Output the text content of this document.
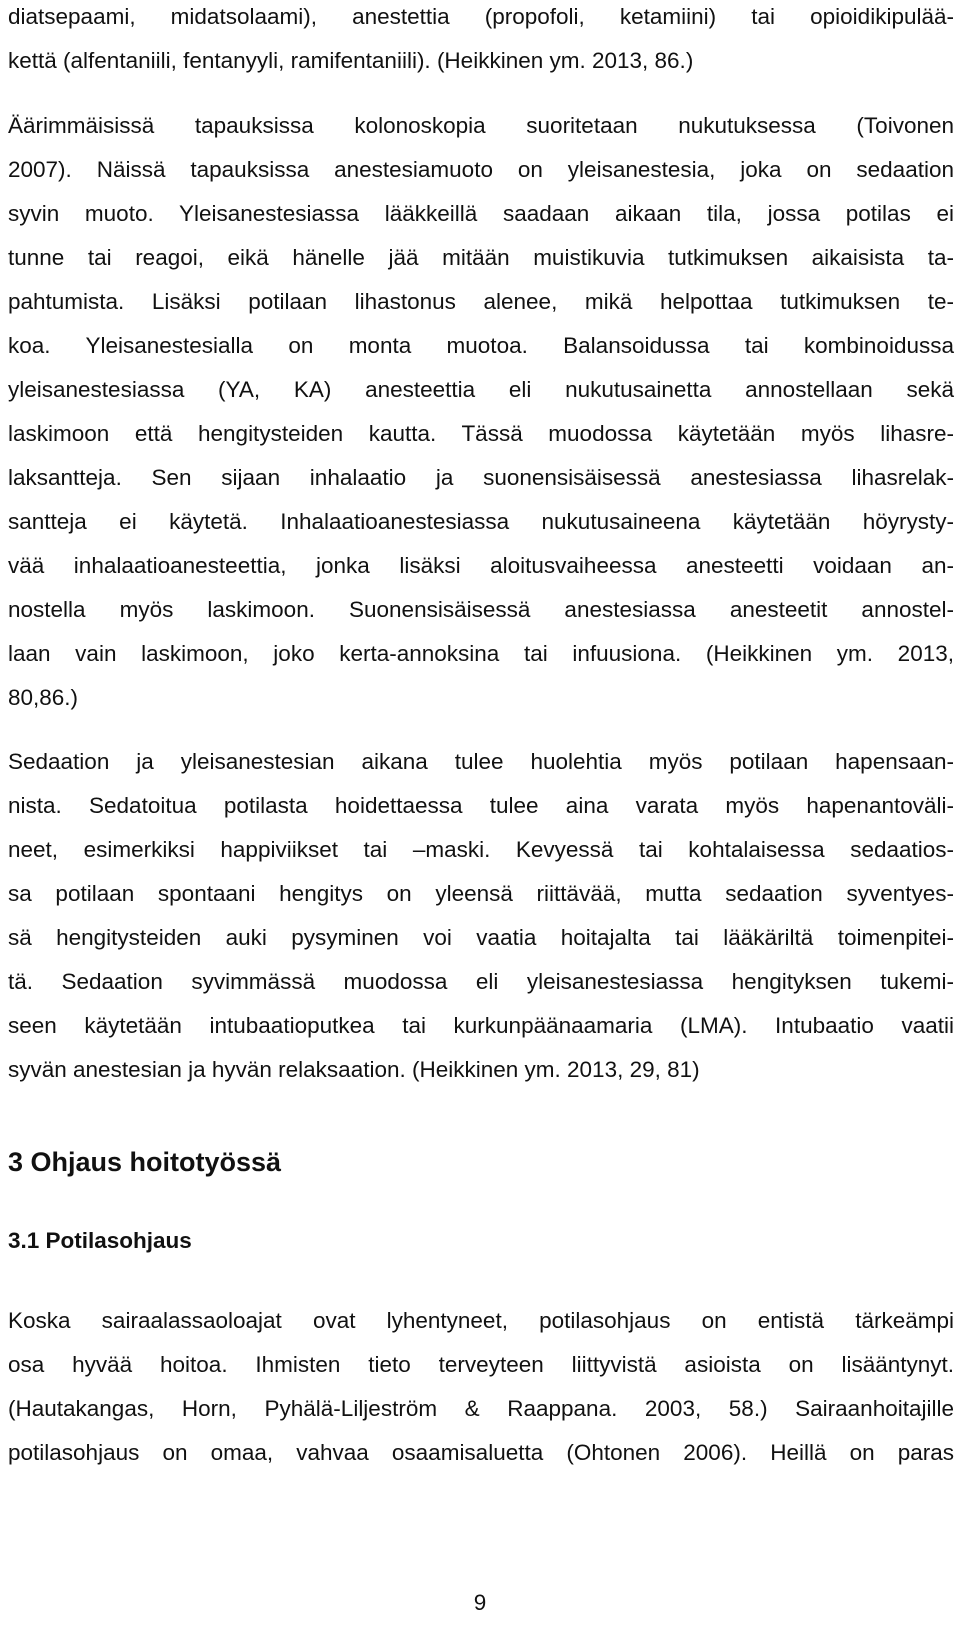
diatsepaami, midatsolaami), anestettia (propofoli, ketamiini) tai opioidikipulää-
kettä (alfentaniili, fentanyyli, ramifentaniili). (Heikkinen ym. 2013, 86.)
Äärimmäisissä tapauksissa kolonoskopia suoritetaan nukutuksessa (Toivonen
2007). Näissä tapauksissa anestesiamuoto on yleisanestesia, joka on sedaation
syvin muoto. Yleisanestesiassa lääkkeillä saadaan aikaan tila, jossa potilas ei
tunne tai reagoi, eikä hänelle jää mitään muistikuvia tutkimuksen aikaisista ta-
pahtumista. Lisäksi potilaan lihastonus alenee, mikä helpottaa tutkimuksen te-
koa. Yleisanestesialla on monta muotoa. Balansoidussa tai kombinoidussa
yleisanestesiassa (YA, KA) anesteettia eli nukutusainetta annostellaan sekä
laskimoon että hengitysteiden kautta. Tässä muodossa käytetään myös lihasre-
laksantteja. Sen sijaan inhalaatio ja suonensisäisessä anestesiassa lihasrelak-
santteja ei käytetä. Inhalaatioanestesiassa nukutusaineena käytetään höyrysty-
vää inhalaatioanesteettia, jonka lisäksi aloitusvaiheessa anesteetti voidaan an-
nostella myös laskimoon. Suonensisäisessä anestesiassa anesteetit annostel-
laan vain laskimoon, joko kerta-annoksina tai infuusiona. (Heikkinen ym. 2013,
80,86.)
Sedaation ja yleisanestesian aikana tulee huolehtia myös potilaan hapensaan-
nista. Sedatoitua potilasta hoidettaessa tulee aina varata myös hapenantoväli-
neet, esimerkiksi happiviikset tai –maski. Kevyessä tai kohtalaisessa sedaatios-
sa potilaan spontaani hengitys on yleensä riittävää, mutta sedaation syventyes-
sä hengitysteiden auki pysyminen voi vaatia hoitajalta tai lääkäriltä toimenpitei-
tä. Sedaation syvimmässä muodossa eli yleisanestesiassa hengityksen tukemi-
seen käytetään intubaatioputkea tai kurkunpäänaamaria (LMA). Intubaatio vaatii
syvän anestesian ja hyvän relaksaation. (Heikkinen ym. 2013, 29, 81)
3 Ohjaus hoitotyössä
3.1 Potilasohjaus
Koska sairaalassaoloajat ovat lyhentyneet, potilasohjaus on entistä tärkeämpi
osa hyvää hoitoa. Ihmisten tieto terveyteen liittyvistä asioista on lisääntynyt.
(Hautakangas, Horn, Pyhälä-Liljeström & Raappana. 2003, 58.) Sairaanhoitajille
potilasohjaus on omaa, vahvaa osaamisaluetta (Ohtonen 2006). Heillä on paras
9
